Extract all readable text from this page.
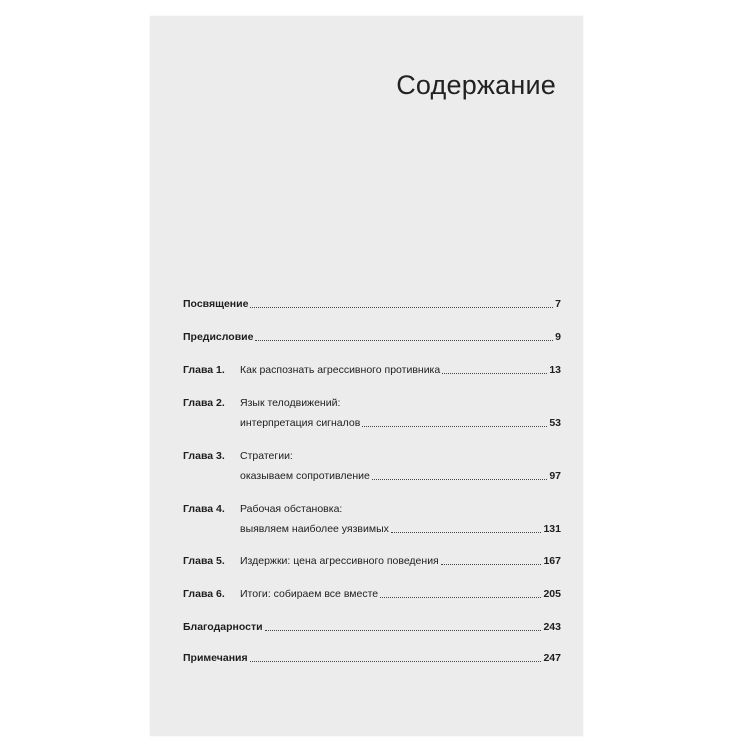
Содержание
Посвящение	7
Предисловие	9
Глава 1.	Как распознать агрессивного противника	13
Глава 2.	Язык телодвижений:
интерпретация сигналов	53
Глава 3.	Стратегии:
оказываем сопротивление	97
Глава 4.	Рабочая обстановка:
выявляем наиболее уязвимых	131
Глава 5.	Издержки: цена агрессивного поведения	167
Глава 6.	Итоги: собираем все вместе	205
Благодарности	243
Примечания	247
